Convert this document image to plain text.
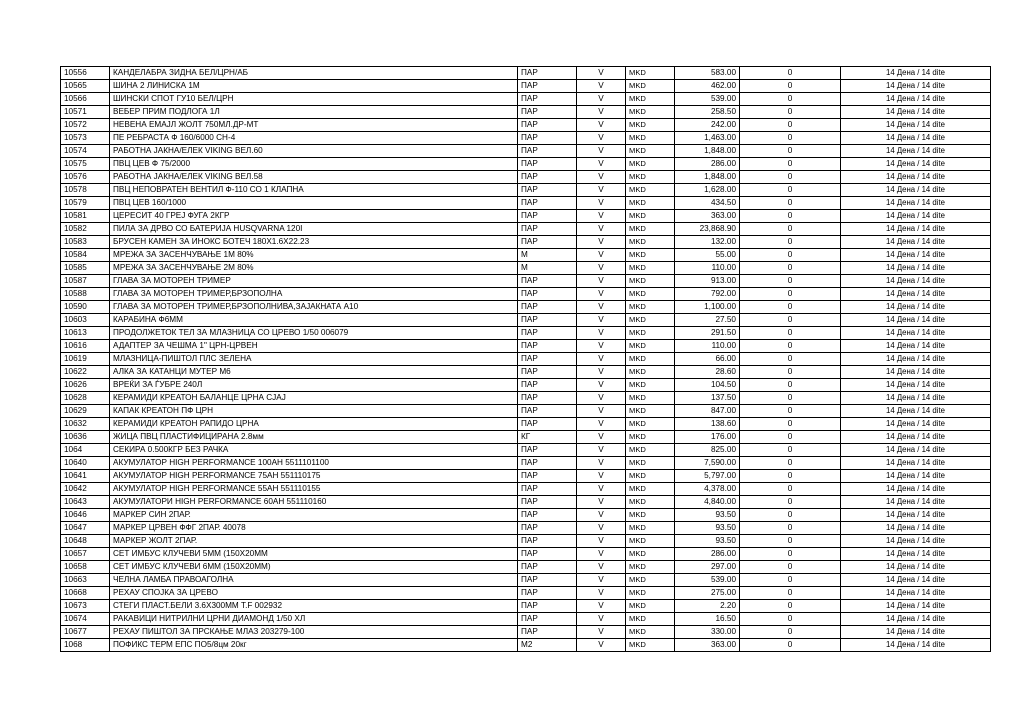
10556	КАНДЕЛАБРА ЗИДНА БЕЛ/ЦРН/АБ	ПАР	V	MKD	583.00	0	14 Дена / 14 dite
10565	ШИНА 2 ЛИНИСКА 1М	ПАР	V	MKD	462.00	0	14 Дена / 14 dite
10566	ШИНСКИ СПОТ ГУ10 БЕЛ/ЦРН	ПАР	V	MKD	539.00	0	14 Дена / 14 dite
10571	ВЕБЕР ПРИМ ПОДЛОГА 1Л	ПАР	V	MKD	258.50	0	14 Дена / 14 dite
10572	НЕВЕНА ЕМАЈЛ ЖОЛТ 750МЛ.ДР-МТ	ПАР	V	MKD	242.00	0	14 Дена / 14 dite
10573	ПЕ РЕБРАСТА Ф 160/6000 СН-4	ПАР	V	MKD	1,463.00	0	14 Дена / 14 dite
10574	РАБОТНА ЈАКНА/ЕЛЕК VIKING ВЕЛ.60	ПАР	V	MKD	1,848.00	0	14 Дена / 14 dite
10575	ПВЦ ЦЕВ Ф 75/2000	ПАР	V	MKD	286.00	0	14 Дена / 14 dite
10576	РАБОТНА ЈАКНА/ЕЛЕК VIKING ВЕЛ.58	ПАР	V	MKD	1,848.00	0	14 Дена / 14 dite
10578	ПВЦ НЕПОВРАТЕН ВЕНТИЛ Ф-110 СО 1 КЛАПНА	ПАР	V	MKD	1,628.00	0	14 Дена / 14 dite
10579	ПВЦ ЦЕВ 160/1000	ПАР	V	MKD	434.50	0	14 Дена / 14 dite
10581	ЦЕРЕСИТ 40 ГРЕЈ ФУГА 2КГР	ПАР	V	MKD	363.00	0	14 Дена / 14 dite
10582	ПИЛА ЗА ДРВО СО БАТЕРИЈА HUSQVARNA 120I	ПАР	V	MKD	23,868.90	0	14 Дена / 14 dite
10583	БРУСЕН КАМЕН ЗА ИНОКС БОТЕЧ 180Х1.6Х22.23	ПАР	V	MKD	132.00	0	14 Дена / 14 dite
10584	МРЕЖА ЗА ЗАСЕНЧУВАЊЕ 1М 80%	М	V	MKD	55.00	0	14 Дена / 14 dite
10585	МРЕЖА ЗА ЗАСЕНЧУВАЊЕ 2М 80%	М	V	MKD	110.00	0	14 Дена / 14 dite
10587	ГЛАВА ЗА МОТОРЕН ТРИМЕР	ПАР	V	MKD	913.00	0	14 Дена / 14 dite
10588	ГЛАВА ЗА МОТОРЕН ТРИМЕР,БРЗОПОЛНА	ПАР	V	MKD	792.00	0	14 Дена / 14 dite
10590	ГЛАВА ЗА МОТОРЕН ТРИМЕР,БРЗОПОЛНИВА,ЗАЈАКНАТА А10	ПАР	V	MKD	1,100.00	0	14 Дена / 14 dite
10603	КАРАБИНА Ф6ММ	ПАР	V	MKD	27.50	0	14 Дена / 14 dite
10613	ПРОДОЛЖЕТОК ТЕЛ ЗА МЛАЗНИЦА СО ЦРЕВО 1/50 006079	ПАР	V	MKD	291.50	0	14 Дена / 14 dite
10616	АДАПТЕР ЗА ЧЕШМА 1" ЦРН-ЦРВЕН	ПАР	V	MKD	110.00	0	14 Дена / 14 dite
10619	МЛАЗНИЦА-ПИШТОЛ ПЛС ЗЕЛЕНА	ПАР	V	MKD	66.00	0	14 Дена / 14 dite
10622	АЛКА ЗА КАТАНЦИ МУТЕР М6	ПАР	V	MKD	28.60	0	14 Дена / 14 dite
10626	ВРЕЌИ ЗА ЃУБРЕ 240Л	ПАР	V	MKD	104.50	0	14 Дена / 14 dite
10628	КЕРАМИДИ КРЕАТОН БАЛАНЦЕ ЦРНА СЈАЈ	ПАР	V	MKD	137.50	0	14 Дена / 14 dite
10629	КАПАК КРЕАТОН ПФ ЦРН	ПАР	V	MKD	847.00	0	14 Дена / 14 dite
10632	КЕРАМИДИ КРЕАТОН РАПИДО ЦРНА	ПАР	V	MKD	138.60	0	14 Дена / 14 dite
10636	ЖИЦА ПВЦ ПЛАСТИФИЦИРАНА 2.8мм	КГ	V	MKD	176.00	0	14 Дена / 14 dite
1064	СЕКИРА 0.500КГР БЕЗ РАЧКА	ПАР	V	MKD	825.00	0	14 Дена / 14 dite
10640	АКУМУЛАТОР HIGH PERFORMANCE 100AH 5511101100	ПАР	V	MKD	7,590.00	0	14 Дена / 14 dite
10641	АКУМУЛАТОР HIGH PERFORMANCE 75AH 551110175	ПАР	V	MKD	5,797.00	0	14 Дена / 14 dite
10642	АКУМУЛАТОР HIGH PERFORMANCE 55AH 551110155	ПАР	V	MKD	4,378.00	0	14 Дена / 14 dite
10643	АКУМУЛАТОРИ HIGH PERFORMANCE 60AH 551110160	ПАР	V	MKD	4,840.00	0	14 Дена / 14 dite
10646	МАРКЕР СИН 2ПАР.	ПАР	V	MKD	93.50	0	14 Дена / 14 dite
10647	МАРКЕР ЦРВЕН ФФГ 2ПАР. 40078	ПАР	V	MKD	93.50	0	14 Дена / 14 dite
10648	МАРКЕР ЖОЛТ 2ПАР.	ПАР	V	MKD	93.50	0	14 Дена / 14 dite
10657	СЕТ ИМБУС КЛУЧЕВИ 5ММ (150Х20ММ	ПАР	V	MKD	286.00	0	14 Дена / 14 dite
10658	СЕТ ИМБУС КЛУЧЕВИ 6ММ (150Х20ММ)	ПАР	V	MKD	297.00	0	14 Дена / 14 dite
10663	ЧЕЛНА ЛАМБА ПРАВОАГОЛНА	ПАР	V	MKD	539.00	0	14 Дена / 14 dite
10668	РЕХАУ СПОЈКА ЗА ЦРЕВО	ПАР	V	MKD	275.00	0	14 Дена / 14 dite
10673	СТЕГИ ПЛАСТ.БЕЛИ 3.6Х300ММ Т.F 002932	ПАР	V	MKD	2.20	0	14 Дена / 14 dite
10674	РАКАВИЦИ НИТРИЛНИ ЦРНИ ДИАМОНД 1/50 ХЛ	ПАР	V	MKD	16.50	0	14 Дена / 14 dite
10677	РЕХАУ ПИШТОЛ ЗА ПРСКАЊЕ МЛАЗ 203279-100	ПАР	V	MKD	330.00	0	14 Дена / 14 dite
1068	ПОФИКС ТЕРМ ЕПС ПО5/8цм 20кг	М2	V	MKD	363.00	0	14 Дена / 14 dite
